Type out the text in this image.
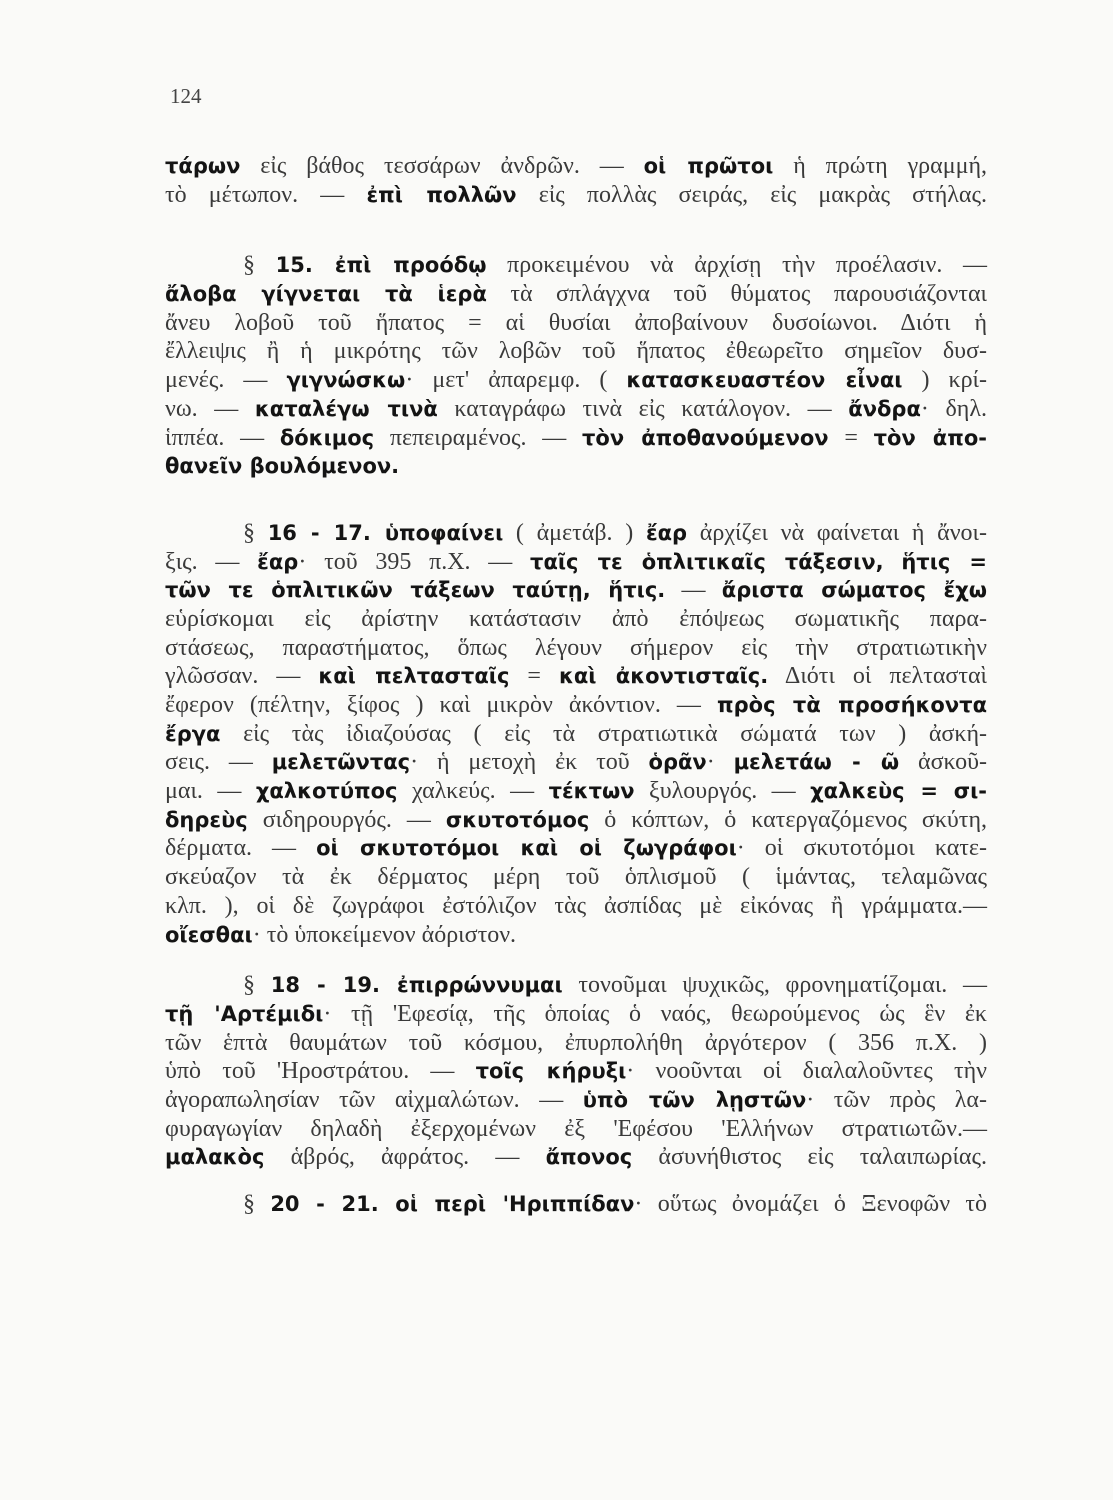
124
τάρων εἰς βάθος τεσσάρων ἀνδρῶν. — οἱ πρῶτοι ἡ πρώτη γραμμή,
τὸ μέτωπον. — ἐπὶ πολλῶν εἰς πολλὰς σειράς, εἰς μακρὰς στήλας.
§ 15. ἐπὶ προόδῳ προκειμένου νὰ ἀρχίσῃ τὴν προέλασιν. —
ἄλοβα γίγνεται τὰ ἱερὰ τὰ σπλάγχνα τοῦ θύματος παρουσιάζονται
ἄνευ λοβοῦ τοῦ ἥπατος = αἱ θυσίαι ἀποβαίνουν δυσοίωνοι. Διότι ἡ
ἔλλειψις ἢ ἡ μικρότης τῶν λοβῶν τοῦ ἥπατος ἐθεωρεῖτο σημεῖον δυσ-
μενές. — γιγνώσκω· μετ' ἀπαρεμφ. ( κατασκευαστέον εἶναι ) κρί-
νω. — καταλέγω τινὰ καταγράφω τινὰ εἰς κατάλογον. — ἄνδρα· δηλ.
ἱππέα. — δόκιμος πεπειραμένος. — τὸν ἀποθανούμενον = τὸν ἀπο-
θανεῖν βουλόμενον.
§ 16 - 17. ὑποφαίνει ( ἀμετάβ. ) ἔαρ ἀρχίζει νὰ φαίνεται ἡ ἄνοι-
ξις. — ἔαρ· τοῦ 395 π.Χ. — ταῖς τε ὁπλιτικαῖς τάξεσιν, ἥτις =
τῶν τε ὁπλιτικῶν τάξεων ταύτῃ, ἥτις. — ἄριστα σώματος ἔχω
εὑρίσκομαι εἰς ἀρίστην κατάστασιν ἀπὸ ἐπόψεως σωματικῆς παρα-
στάσεως, παραστήματος, ὅπως λέγουν σήμερον εἰς τὴν στρατιωτικὴν
γλῶσσαν. — καὶ πελτασταῖς = καὶ ἀκοντισταῖς. Διότι οἱ πελτασταὶ
ἔφερον (πέλτην, ξίφος ) καὶ μικρὸν ἀκόντιον. — πρὸς τὰ προσήκοντα
ἔργα εἰς τὰς ἰδιαζούσας ( εἰς τὰ στρατιωτικὰ σώματά των ) ἀσκή-
σεις. — μελετῶντας· ἡ μετοχὴ ἐκ τοῦ ὁρᾶν· μελετάω - ῶ ἀσκοῦ-
μαι. — χαλκοτύπος χαλκεύς. — τέκτων ξυλουργός. — χαλκεὺς = σι-
δηρεὺς σιδηρουργός. — σκυτοτόμος ὁ κόπτων, ὁ κατεργαζόμενος σκύτη,
δέρματα. — οἱ σκυτοτόμοι καὶ οἱ ζωγράφοι· οἱ σκυτοτόμοι κατε-
σκεύαζον τὰ ἐκ δέρματος μέρη τοῦ ὁπλισμοῦ ( ἱμάντας, τελαμῶνας
κλπ. ), οἱ δὲ ζωγράφοι ἐστόλιζον τὰς ἀσπίδας μὲ εἰκόνας ἢ γράμματα.—
οἴεσθαι· τὸ ὑποκείμενον ἀόριστον.
§ 18 - 19. ἐπιρρώννυμαι τονοῦμαι ψυχικῶς, φρονηματίζομαι. —
τῇ 'Αρτέμιδι· τῇ 'Εφεσίᾳ, τῆς ὁποίας ὁ ναός, θεωρούμενος ὡς ἓν ἐκ
τῶν ἑπτὰ θαυμάτων τοῦ κόσμου, ἐπυρπολήθη ἀργότερον ( 356 π.Χ. )
ὑπὸ τοῦ 'Ηροστράτου. — τοῖς κήρυξι· νοοῦνται οἱ διαλαλοῦντες τὴν
ἀγοραπωλησίαν τῶν αἰχμαλώτων. — ὑπὸ τῶν λῃστῶν· τῶν πρὸς λα-
φυραγωγίαν δηλαδὴ ἐξερχομένων ἐξ 'Εφέσου 'Ελλήνων στρατιωτῶν.—
μαλακὸς ἁβρός, ἀφράτος. — ἄπονος ἀσυνήθιστος εἰς ταλαιπωρίας.
§ 20 - 21. οἱ περὶ 'Ηριππίδαν· οὕτως ὀνομάζει ὁ Ξενοφῶν τὸ
